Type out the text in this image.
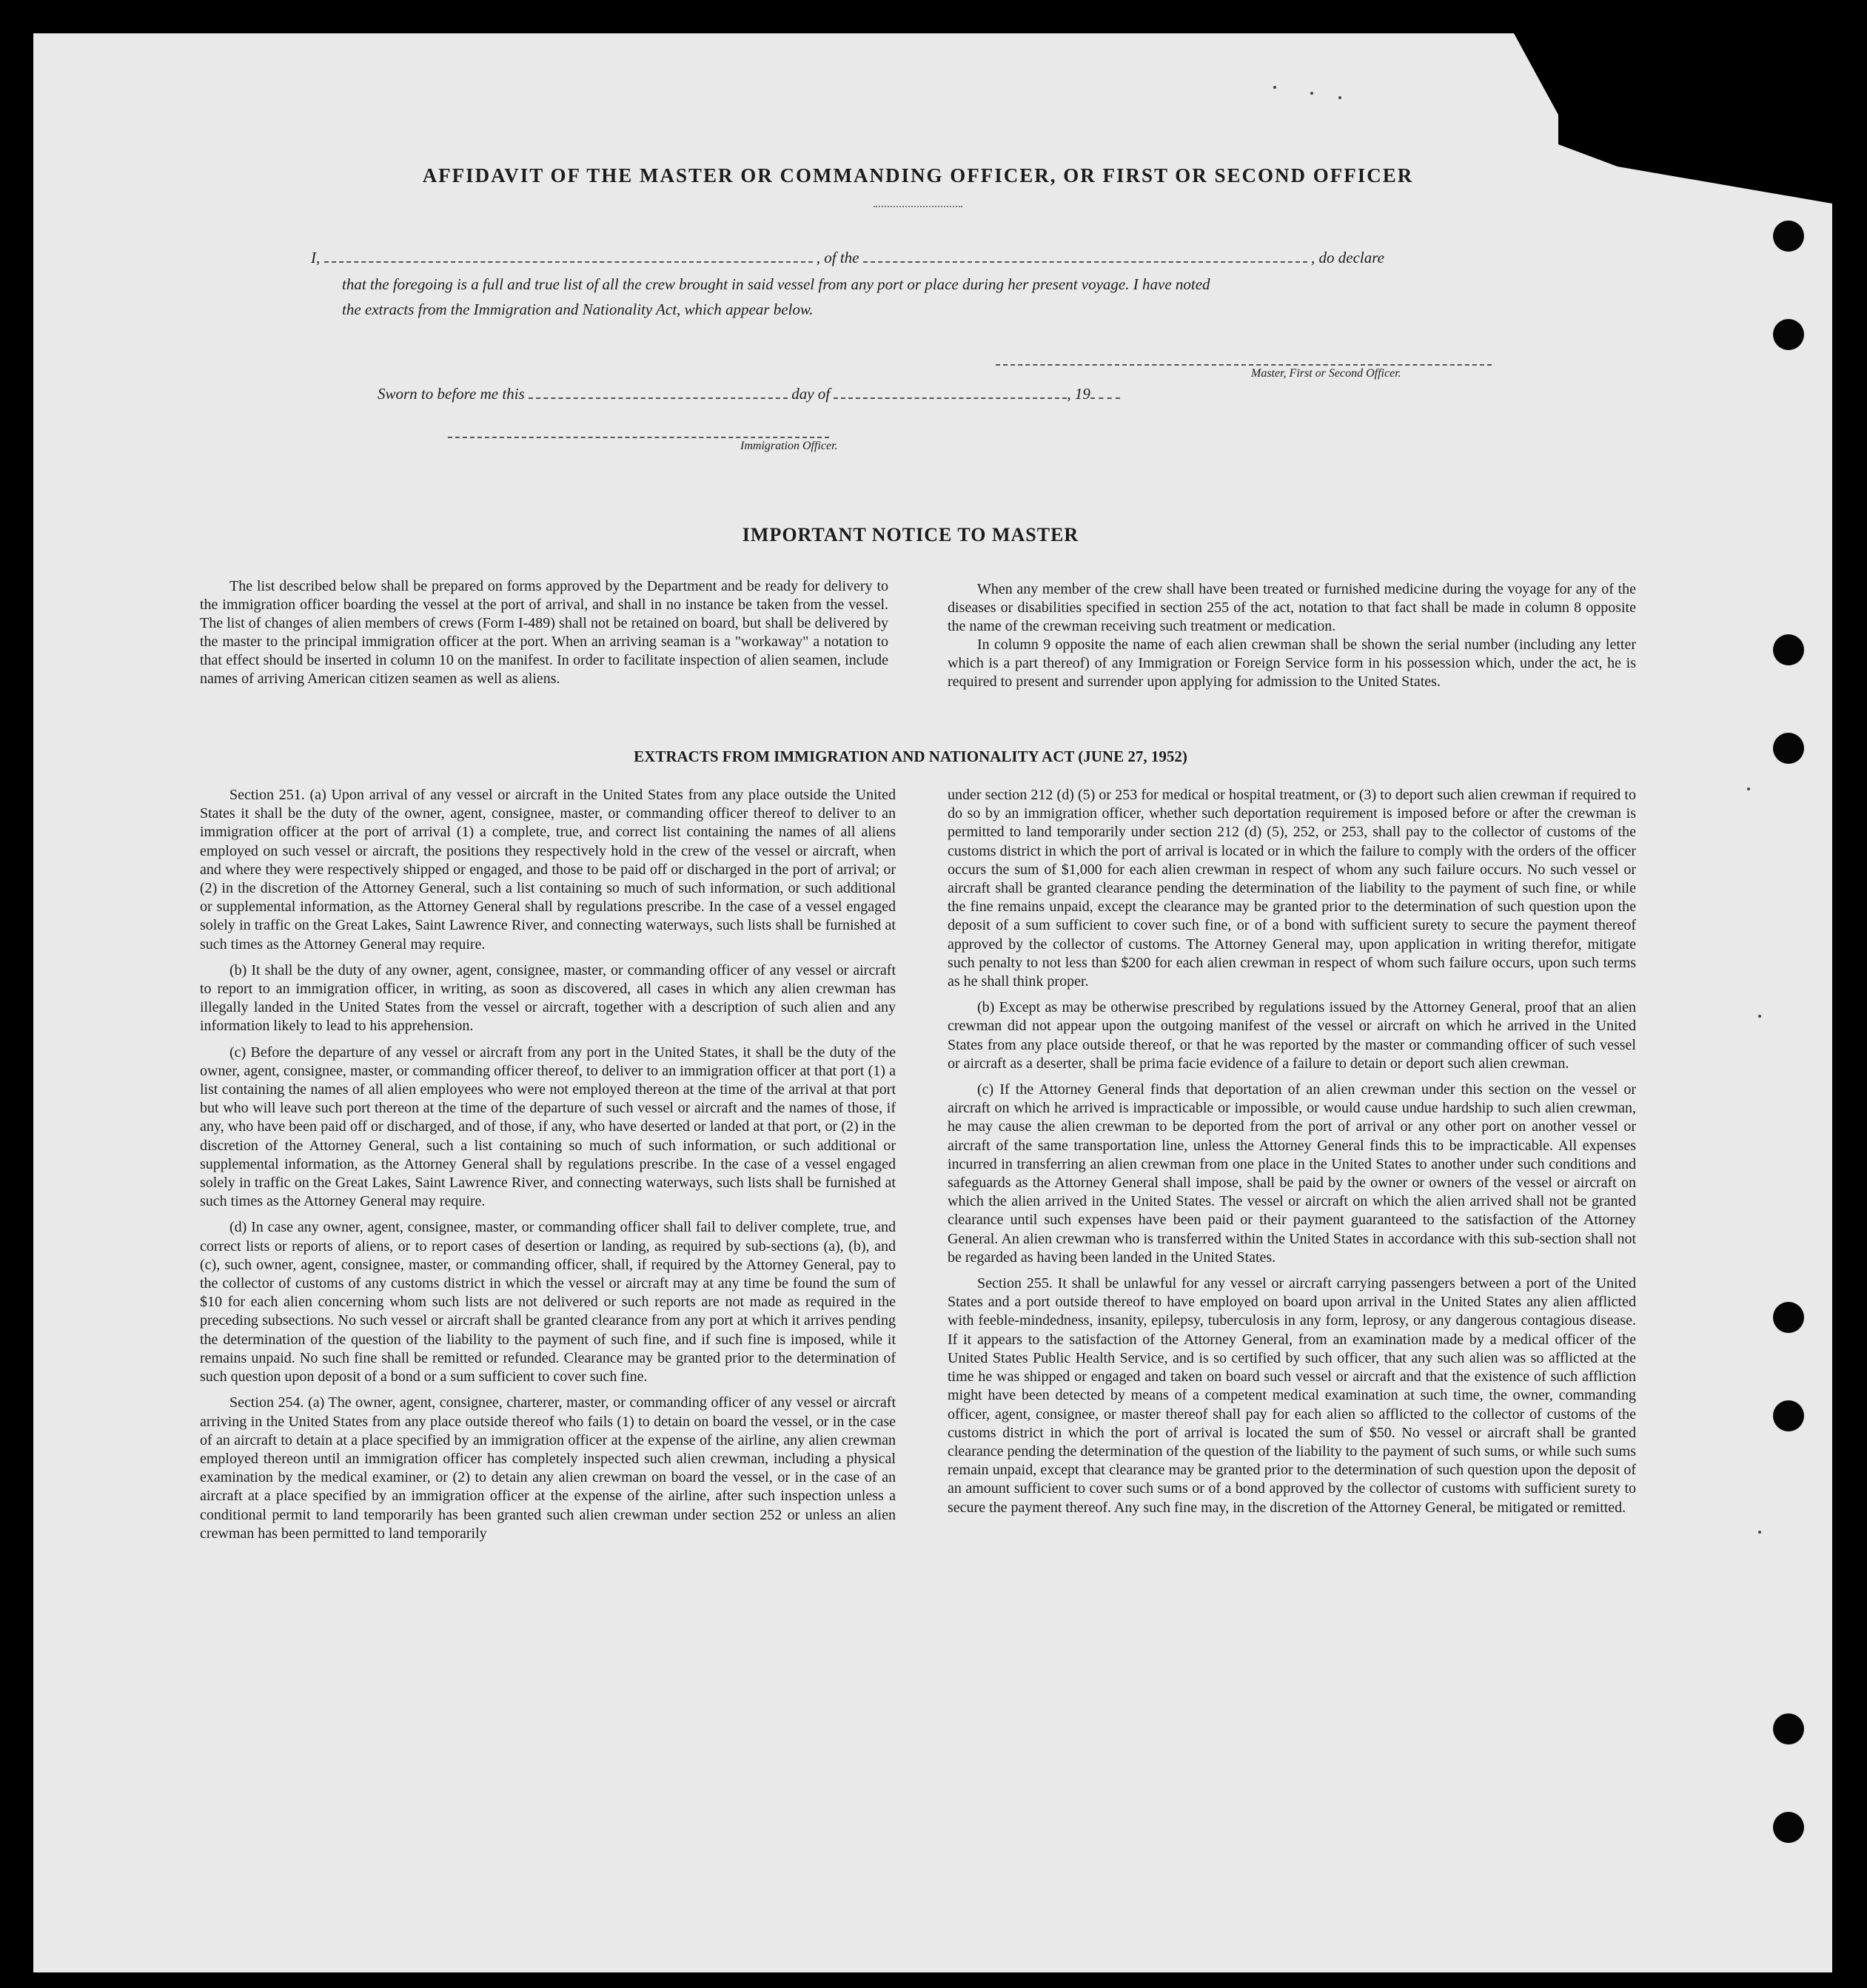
AFFIDAVIT OF THE MASTER OR COMMANDING OFFICER, OR FIRST OR SECOND OFFICER
I,	, of the	, do declare
that the foregoing is a full and true list of all the crew brought in said vessel from any port or place during her present voyage. I have noted
the extracts from the Immigration and Nationality Act, which appear below.
Master, First or Second Officer.
Sworn to before me this	day of	, 19
Immigration Officer.
IMPORTANT NOTICE TO MASTER

The list described below shall be prepared on forms approved by the Department and be ready for delivery to the immigration officer boarding the vessel at the port of arrival, and shall in no instance be taken from the vessel. The list of changes of alien members of crews (Form I-489) shall not be retained on board, but shall be delivered by the master to the principal immigration officer at the port. When an arriving seaman is a "workaway" a notation to that effect should be inserted in column 10 on the manifest. In order to facilitate inspection of alien seamen, include names of arriving American citizen seamen as well as aliens.

When any member of the crew shall have been treated or furnished medicine during the voyage for any of the diseases or disabilities specified in section 255 of the act, notation to that fact shall be made in column 8 opposite the name of the crewman receiving such treatment or medication.

In column 9 opposite the name of each alien crewman shall be shown the serial number (including any letter which is a part thereof) of any Immigration or Foreign Service form in his possession which, under the act, he is required to present and surrender upon applying for admission to the United States.

EXTRACTS FROM IMMIGRATION AND NATIONALITY ACT (JUNE 27, 1952)

Section 251. (a) Upon arrival of any vessel or aircraft in the United States from any place outside the United States it shall be the duty of the owner, agent, consignee, master, or commanding officer thereof to deliver to an immigration officer at the port of arrival (1) a complete, true, and correct list containing the names of all aliens employed on such vessel or aircraft, the positions they respectively hold in the crew of the vessel or aircraft, when and where they were respectively shipped or engaged, and those to be paid off or discharged in the port of arrival; or (2) in the discretion of the Attorney General, such a list containing so much of such information, or such additional or supplemental information, as the Attorney General shall by regulations prescribe. In the case of a vessel engaged solely in traffic on the Great Lakes, Saint Lawrence River, and connecting waterways, such lists shall be furnished at such times as the Attorney General may require.

(b) It shall be the duty of any owner, agent, consignee, master, or commanding officer of any vessel or aircraft to report to an immigration officer, in writing, as soon as discovered, all cases in which any alien crewman has illegally landed in the United States from the vessel or aircraft, together with a description of such alien and any information likely to lead to his apprehension.

(c) Before the departure of any vessel or aircraft from any port in the United States, it shall be the duty of the owner, agent, consignee, master, or commanding officer thereof, to deliver to an immigration officer at that port (1) a list containing the names of all alien employees who were not employed thereon at the time of the arrival at that port but who will leave such port thereon at the time of the departure of such vessel or aircraft and the names of those, if any, who have been paid off or discharged, and of those, if any, who have deserted or landed at that port, or (2) in the discretion of the Attorney General, such a list containing so much of such information, or such additional or supplemental information, as the Attorney General shall by regulations prescribe. In the case of a vessel engaged solely in traffic on the Great Lakes, Saint Lawrence River, and connecting waterways, such lists shall be furnished at such times as the Attorney General may require.

(d) In case any owner, agent, consignee, master, or commanding officer shall fail to deliver complete, true, and correct lists or reports of aliens, or to report cases of desertion or landing, as required by sub-sections (a), (b), and (c), such owner, agent, consignee, master, or commanding officer, shall, if required by the Attorney General, pay to the collector of customs of any customs district in which the vessel or aircraft may at any time be found the sum of $10 for each alien concerning whom such lists are not delivered or such reports are not made as required in the preceding subsections. No such vessel or aircraft shall be granted clearance from any port at which it arrives pending the determination of the question of the liability to the payment of such fine, and if such fine is imposed, while it remains unpaid. No such fine shall be remitted or refunded. Clearance may be granted prior to the determination of such question upon deposit of a bond or a sum sufficient to cover such fine.

Section 254. (a) The owner, agent, consignee, charterer, master, or commanding officer of any vessel or aircraft arriving in the United States from any place outside thereof who fails (1) to detain on board the vessel, or in the case of an aircraft to detain at a place specified by an immigration officer at the expense of the airline, any alien crewman employed thereon until an immigration officer has completely inspected such alien crewman, including a physical examination by the medical examiner, or (2) to detain any alien crewman on board the vessel, or in the case of an aircraft at a place specified by an immigration officer at the expense of the airline, after such inspection unless a conditional permit to land temporarily has been granted such alien crewman under section 252 or unless an alien crewman has been permitted to land temporarily

under section 212 (d) (5) or 253 for medical or hospital treatment, or (3) to deport such alien crewman if required to do so by an immigration officer, whether such deportation requirement is imposed before or after the crewman is permitted to land temporarily under section 212 (d) (5), 252, or 253, shall pay to the collector of customs of the customs district in which the port of arrival is located or in which the failure to comply with the orders of the officer occurs the sum of $1,000 for each alien crewman in respect of whom any such failure occurs. No such vessel or aircraft shall be granted clearance pending the determination of the liability to the payment of such fine, or while the fine remains unpaid, except the clearance may be granted prior to the determination of such question upon the deposit of a sum sufficient to cover such fine, or of a bond with sufficient surety to secure the payment thereof approved by the collector of customs. The Attorney General may, upon application in writing therefor, mitigate such penalty to not less than $200 for each alien crewman in respect of whom such failure occurs, upon such terms as he shall think proper.

(b) Except as may be otherwise prescribed by regulations issued by the Attorney General, proof that an alien crewman did not appear upon the outgoing manifest of the vessel or aircraft on which he arrived in the United States from any place outside thereof, or that he was reported by the master or commanding officer of such vessel or aircraft as a deserter, shall be prima facie evidence of a failure to detain or deport such alien crewman.

(c) If the Attorney General finds that deportation of an alien crewman under this section on the vessel or aircraft on which he arrived is impracticable or impossible, or would cause undue hardship to such alien crewman, he may cause the alien crewman to be deported from the port of arrival or any other port on another vessel or aircraft of the same transportation line, unless the Attorney General finds this to be impracticable. All expenses incurred in transferring an alien crewman from one place in the United States to another under such conditions and safeguards as the Attorney General shall impose, shall be paid by the owner or owners of the vessel or aircraft on which the alien arrived in the United States. The vessel or aircraft on which the alien arrived shall not be granted clearance until such expenses have been paid or their payment guaranteed to the satisfaction of the Attorney General. An alien crewman who is transferred within the United States in accordance with this sub-section shall not be regarded as having been landed in the United States.

Section 255. It shall be unlawful for any vessel or aircraft carrying passengers between a port of the United States and a port outside thereof to have employed on board upon arrival in the United States any alien afflicted with feeble-mindedness, insanity, epilepsy, tuberculosis in any form, leprosy, or any dangerous contagious disease. If it appears to the satisfaction of the Attorney General, from an examination made by a medical officer of the United States Public Health Service, and is so certified by such officer, that any such alien was so afflicted at the time he was shipped or engaged and taken on board such vessel or aircraft and that the existence of such affliction might have been detected by means of a competent medical examination at such time, the owner, commanding officer, agent, consignee, or master thereof shall pay for each alien so afflicted to the collector of customs of the customs district in which the port of arrival is located the sum of $50. No vessel or aircraft shall be granted clearance pending the determination of the question of the liability to the payment of such sums, or while such sums remain unpaid, except that clearance may be granted prior to the determination of such question upon the deposit of an amount sufficient to cover such sums or of a bond approved by the collector of customs with sufficient surety to secure the payment thereof. Any such fine may, in the discretion of the Attorney General, be mitigated or remitted.
